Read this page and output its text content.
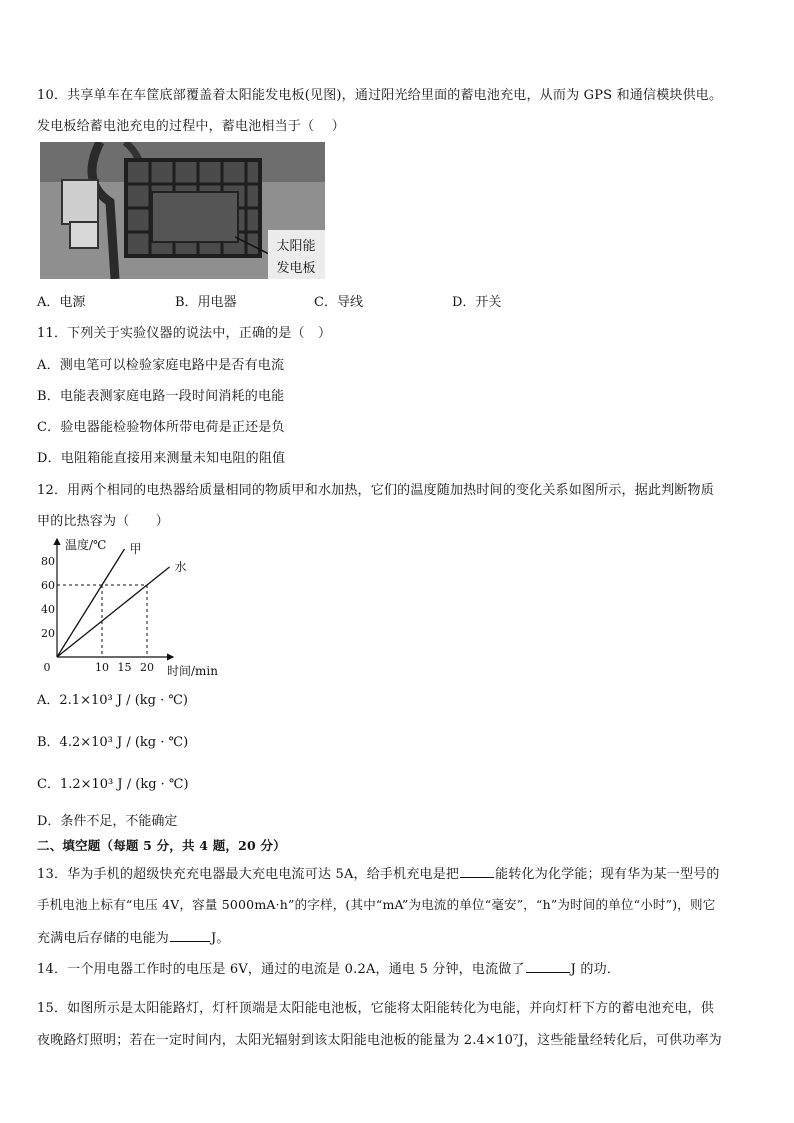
10．共享单车在车筐底部覆盖着太阳能发电板(见图)，通过阳光给里面的蓄电池充电，从而为 GPS 和通信模块供电。
发电板给蓄电池充电的过程中，蓄电池相当于（　 ）
太阳能
发电板
A．电源	B．用电器	C．导线	D．开关
11．下列关于实验仪器的说法中，正确的是（　）
A．测电笔可以检验家庭电路中是否有电流
B．电能表测家庭电路一段时间消耗的电能
C．验电器能检验物体所带电荷是正还是负
D．电阻箱能直接用来测量未知电阻的阻值
12．用两个相同的电热器给质量相同的物质甲和水加热，它们的温度随加热时间的变化关系如图所示，据此判断物质
甲的比热容为（　　）
温度/℃
时间/min
20
40
60
80
0	10 15 20
甲
水
A．2.1×10³ J / (kg · ℃)
B．4.2×10³ J / (kg · ℃)
C．1.2×10³ J / (kg · ℃)
D．条件不足，不能确定
二、填空题（每题 5 分，共 4 题，20 分）
13．华为手机的超级快充充电器最大充电电流可达 5A，给手机充电是把	能转化为化学能；现有华为某一型号的
手机电池上标有“电压 4V，容量 5000mA·h”的字样，(其中“mA”为电流的单位“毫安”，“h”为时间的单位“小时”)，则它
充满电后存储的电能为	J。
14．一个用电器工作时的电压是 6V，通过的电流是 0.2A，通电 5 分钟，电流做了	J 的功．
15．如图所示是太阳能路灯，灯杆顶端是太阳能电池板，它能将太阳能转化为电能，并向灯杆下方的蓄电池充电，供
夜晚路灯照明；若在一定时间内，太阳光辐射到该太阳能电池板的能量为 2.4×10⁷J，这些能量经转化后，可供功率为
